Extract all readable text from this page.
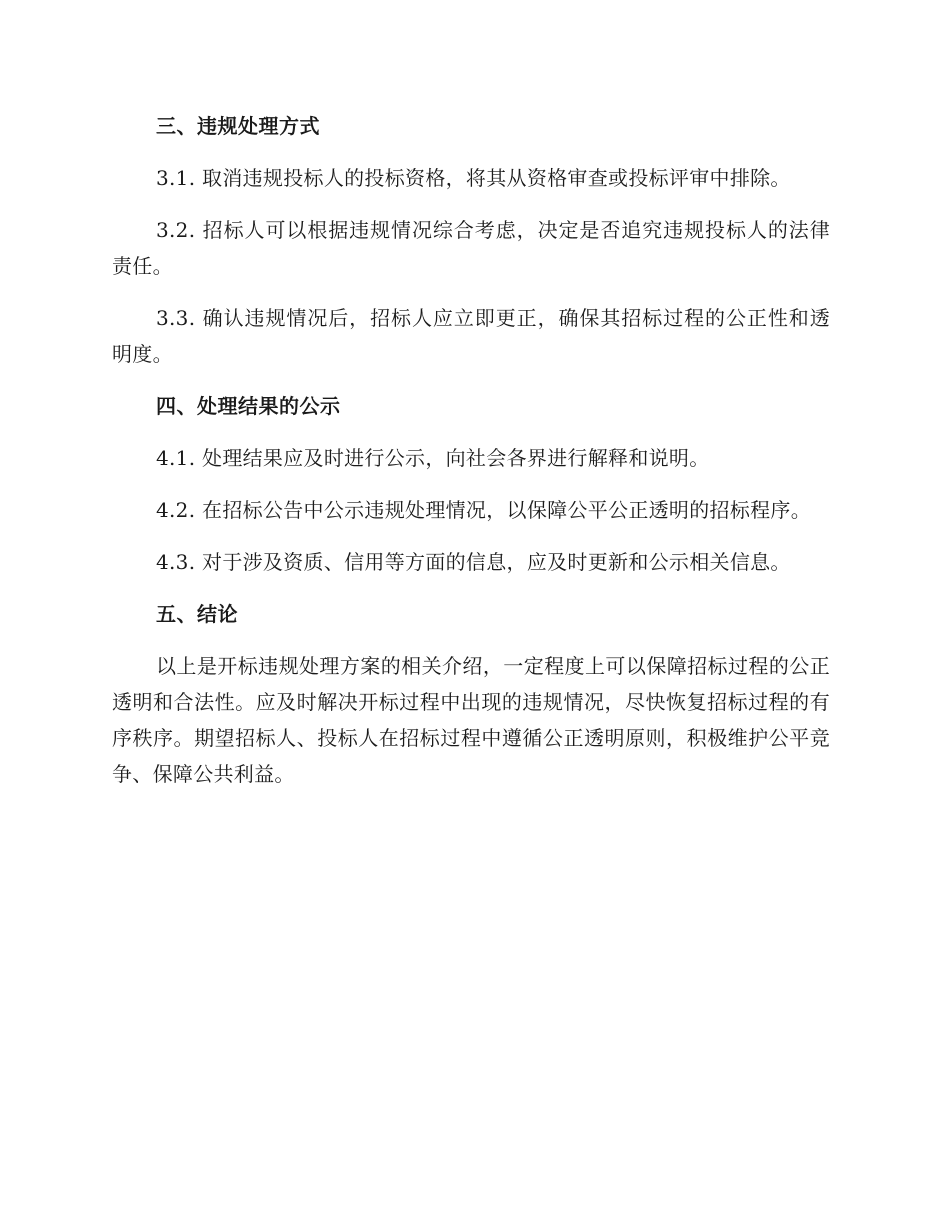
三、违规处理方式

3.1. 取消违规投标人的投标资格，将其从资格审查或投标评审中排除。

3.2. 招标人可以根据违规情况综合考虑，决定是否追究违规投标人的法律责任。

3.3. 确认违规情况后，招标人应立即更正，确保其招标过程的公正性和透明度。

四、处理结果的公示

4.1. 处理结果应及时进行公示，向社会各界进行解释和说明。

4.2. 在招标公告中公示违规处理情况，以保障公平公正透明的招标程序。

4.3. 对于涉及资质、信用等方面的信息，应及时更新和公示相关信息。

五、结论

以上是开标违规处理方案的相关介绍，一定程度上可以保障招标过程的公正透明和合法性。应及时解决开标过程中出现的违规情况，尽快恢复招标过程的有序秩序。期望招标人、投标人在招标过程中遵循公正透明原则，积极维护公平竞争、保障公共利益。
